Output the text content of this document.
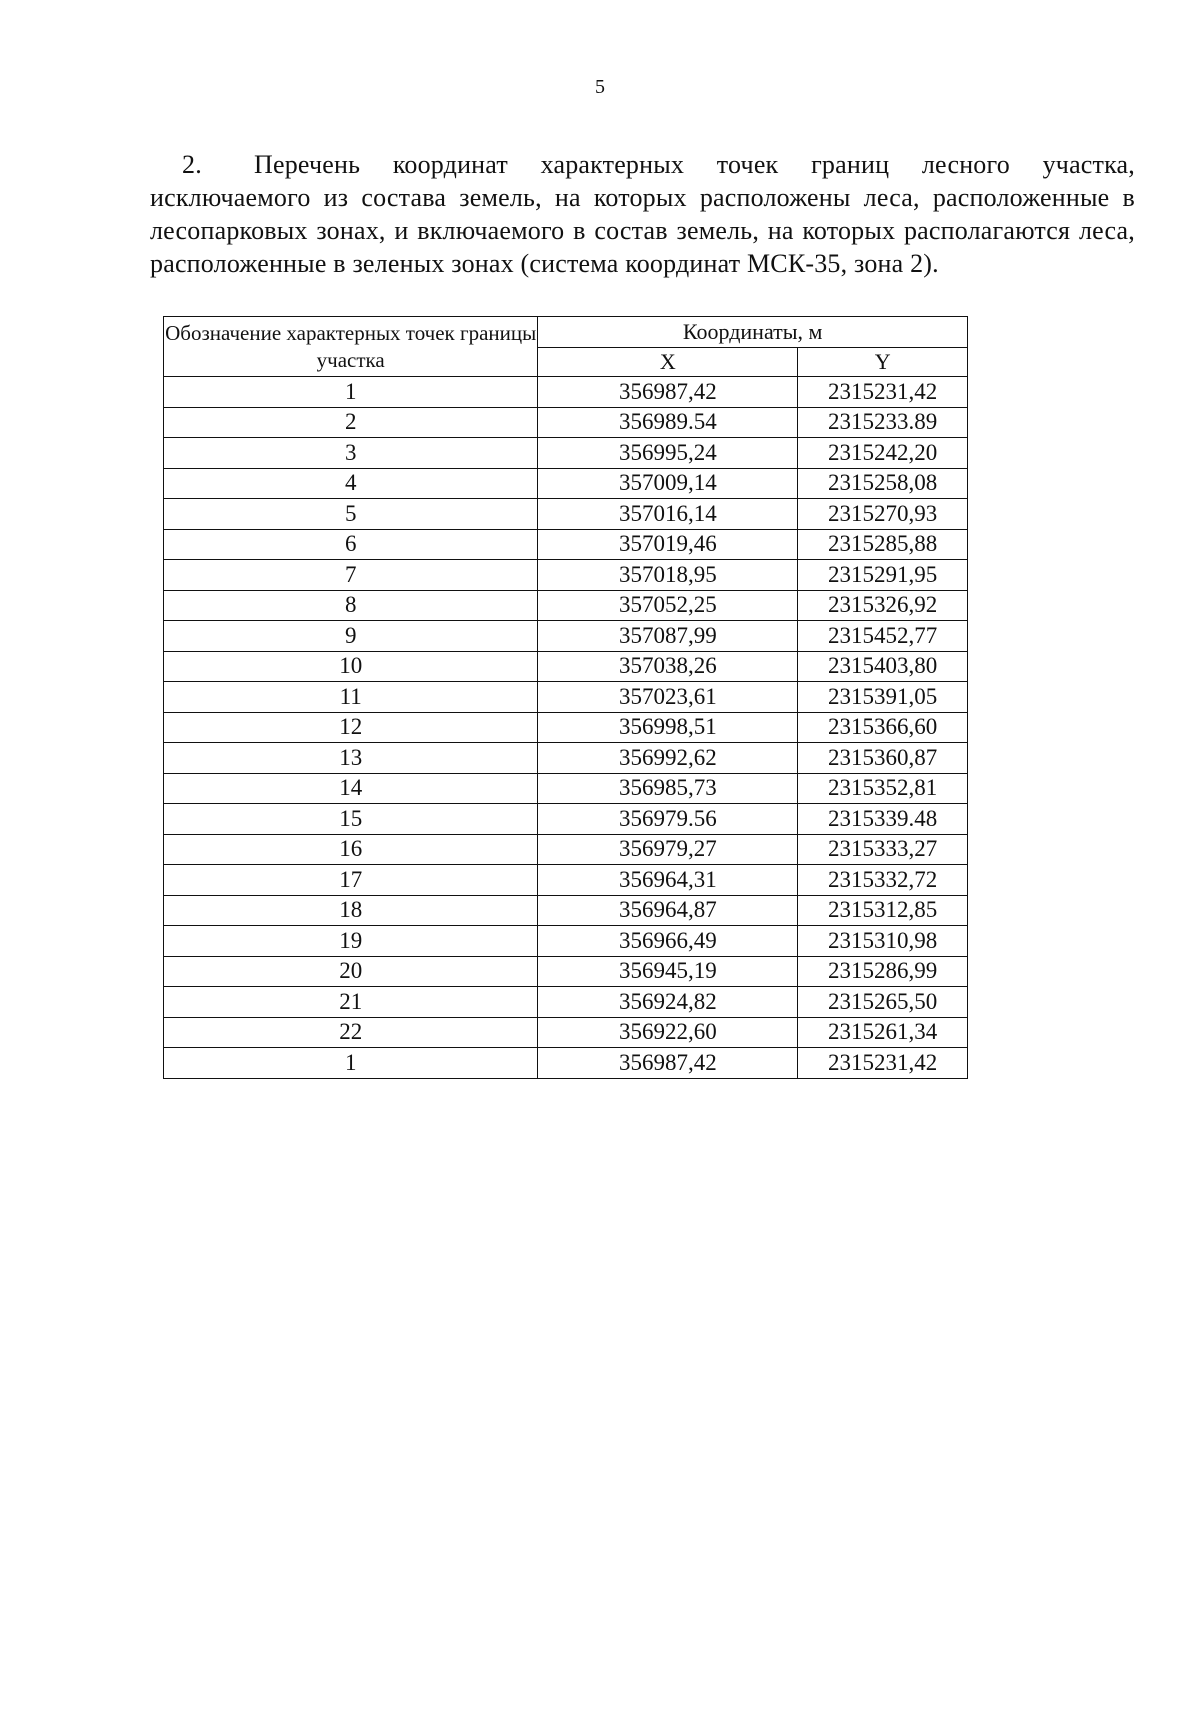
5

2. Перечень координат характерных точек границ лесного участка, исключаемого из состава земель, на которых расположены леса, расположенные в лесопарковых зонах, и включаемого в состав земель, на которых располагаются леса, расположенные в зеленых зонах (система координат МСК-35, зона 2).

Обозначение характерных точек границы участка	Координаты, м	
	X	Y
1	356987,42	2315231,42
2	356989.54	2315233.89
3	356995,24	2315242,20
4	357009,14	2315258,08
5	357016,14	2315270,93
6	357019,46	2315285,88
7	357018,95	2315291,95
8	357052,25	2315326,92
9	357087,99	2315452,77
10	357038,26	2315403,80
11	357023,61	2315391,05
12	356998,51	2315366,60
13	356992,62	2315360,87
14	356985,73	2315352,81
15	356979.56	2315339.48
16	356979,27	2315333,27
17	356964,31	2315332,72
18	356964,87	2315312,85
19	356966,49	2315310,98
20	356945,19	2315286,99
21	356924,82	2315265,50
22	356922,60	2315261,34
1	356987,42	2315231,42
